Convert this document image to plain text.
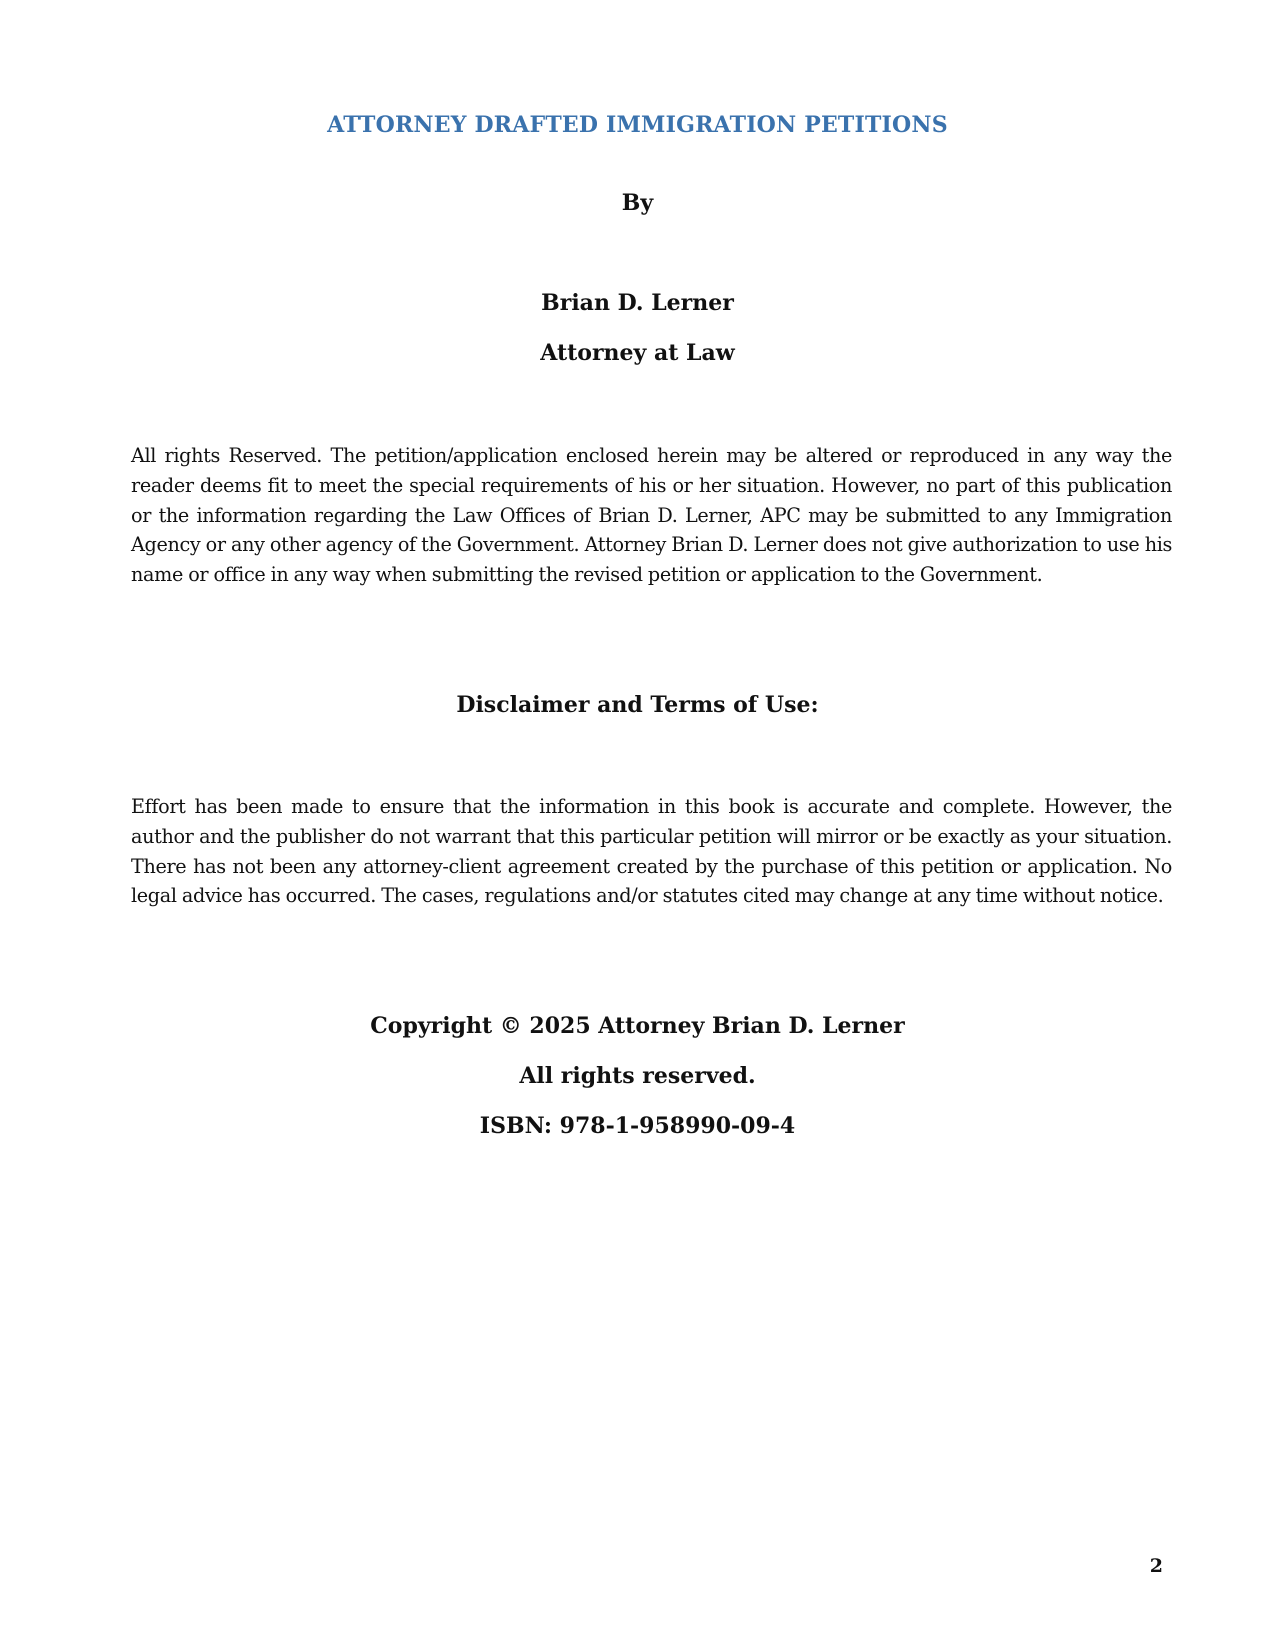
ATTORNEY DRAFTED IMMIGRATION PETITIONS
By
Brian D. Lerner
Attorney at Law

All rights Reserved. The petition/application enclosed herein may be altered or reproduced in any way the reader deems fit to meet the special requirements of his or her situation. However, no part of this publication or the information regarding the Law Offices of Brian D. Lerner, APC may be submitted to any Immigration Agency or any other agency of the Government. Attorney Brian D. Lerner does not give authorization to use his name or office in any way when submitting the revised petition or application to the Government.

Disclaimer and Terms of Use:

Effort has been made to ensure that the information in this book is accurate and complete. However, the author and the publisher do not warrant that this particular petition will mirror or be exactly as your situation. There has not been any attorney-client agreement created by the purchase of this petition or application. No legal advice has occurred. The cases, regulations and/or statutes cited may change at any time without notice.

Copyright © 2025 Attorney Brian D. Lerner
All rights reserved.
ISBN: 978-1-958990-09-4
2
